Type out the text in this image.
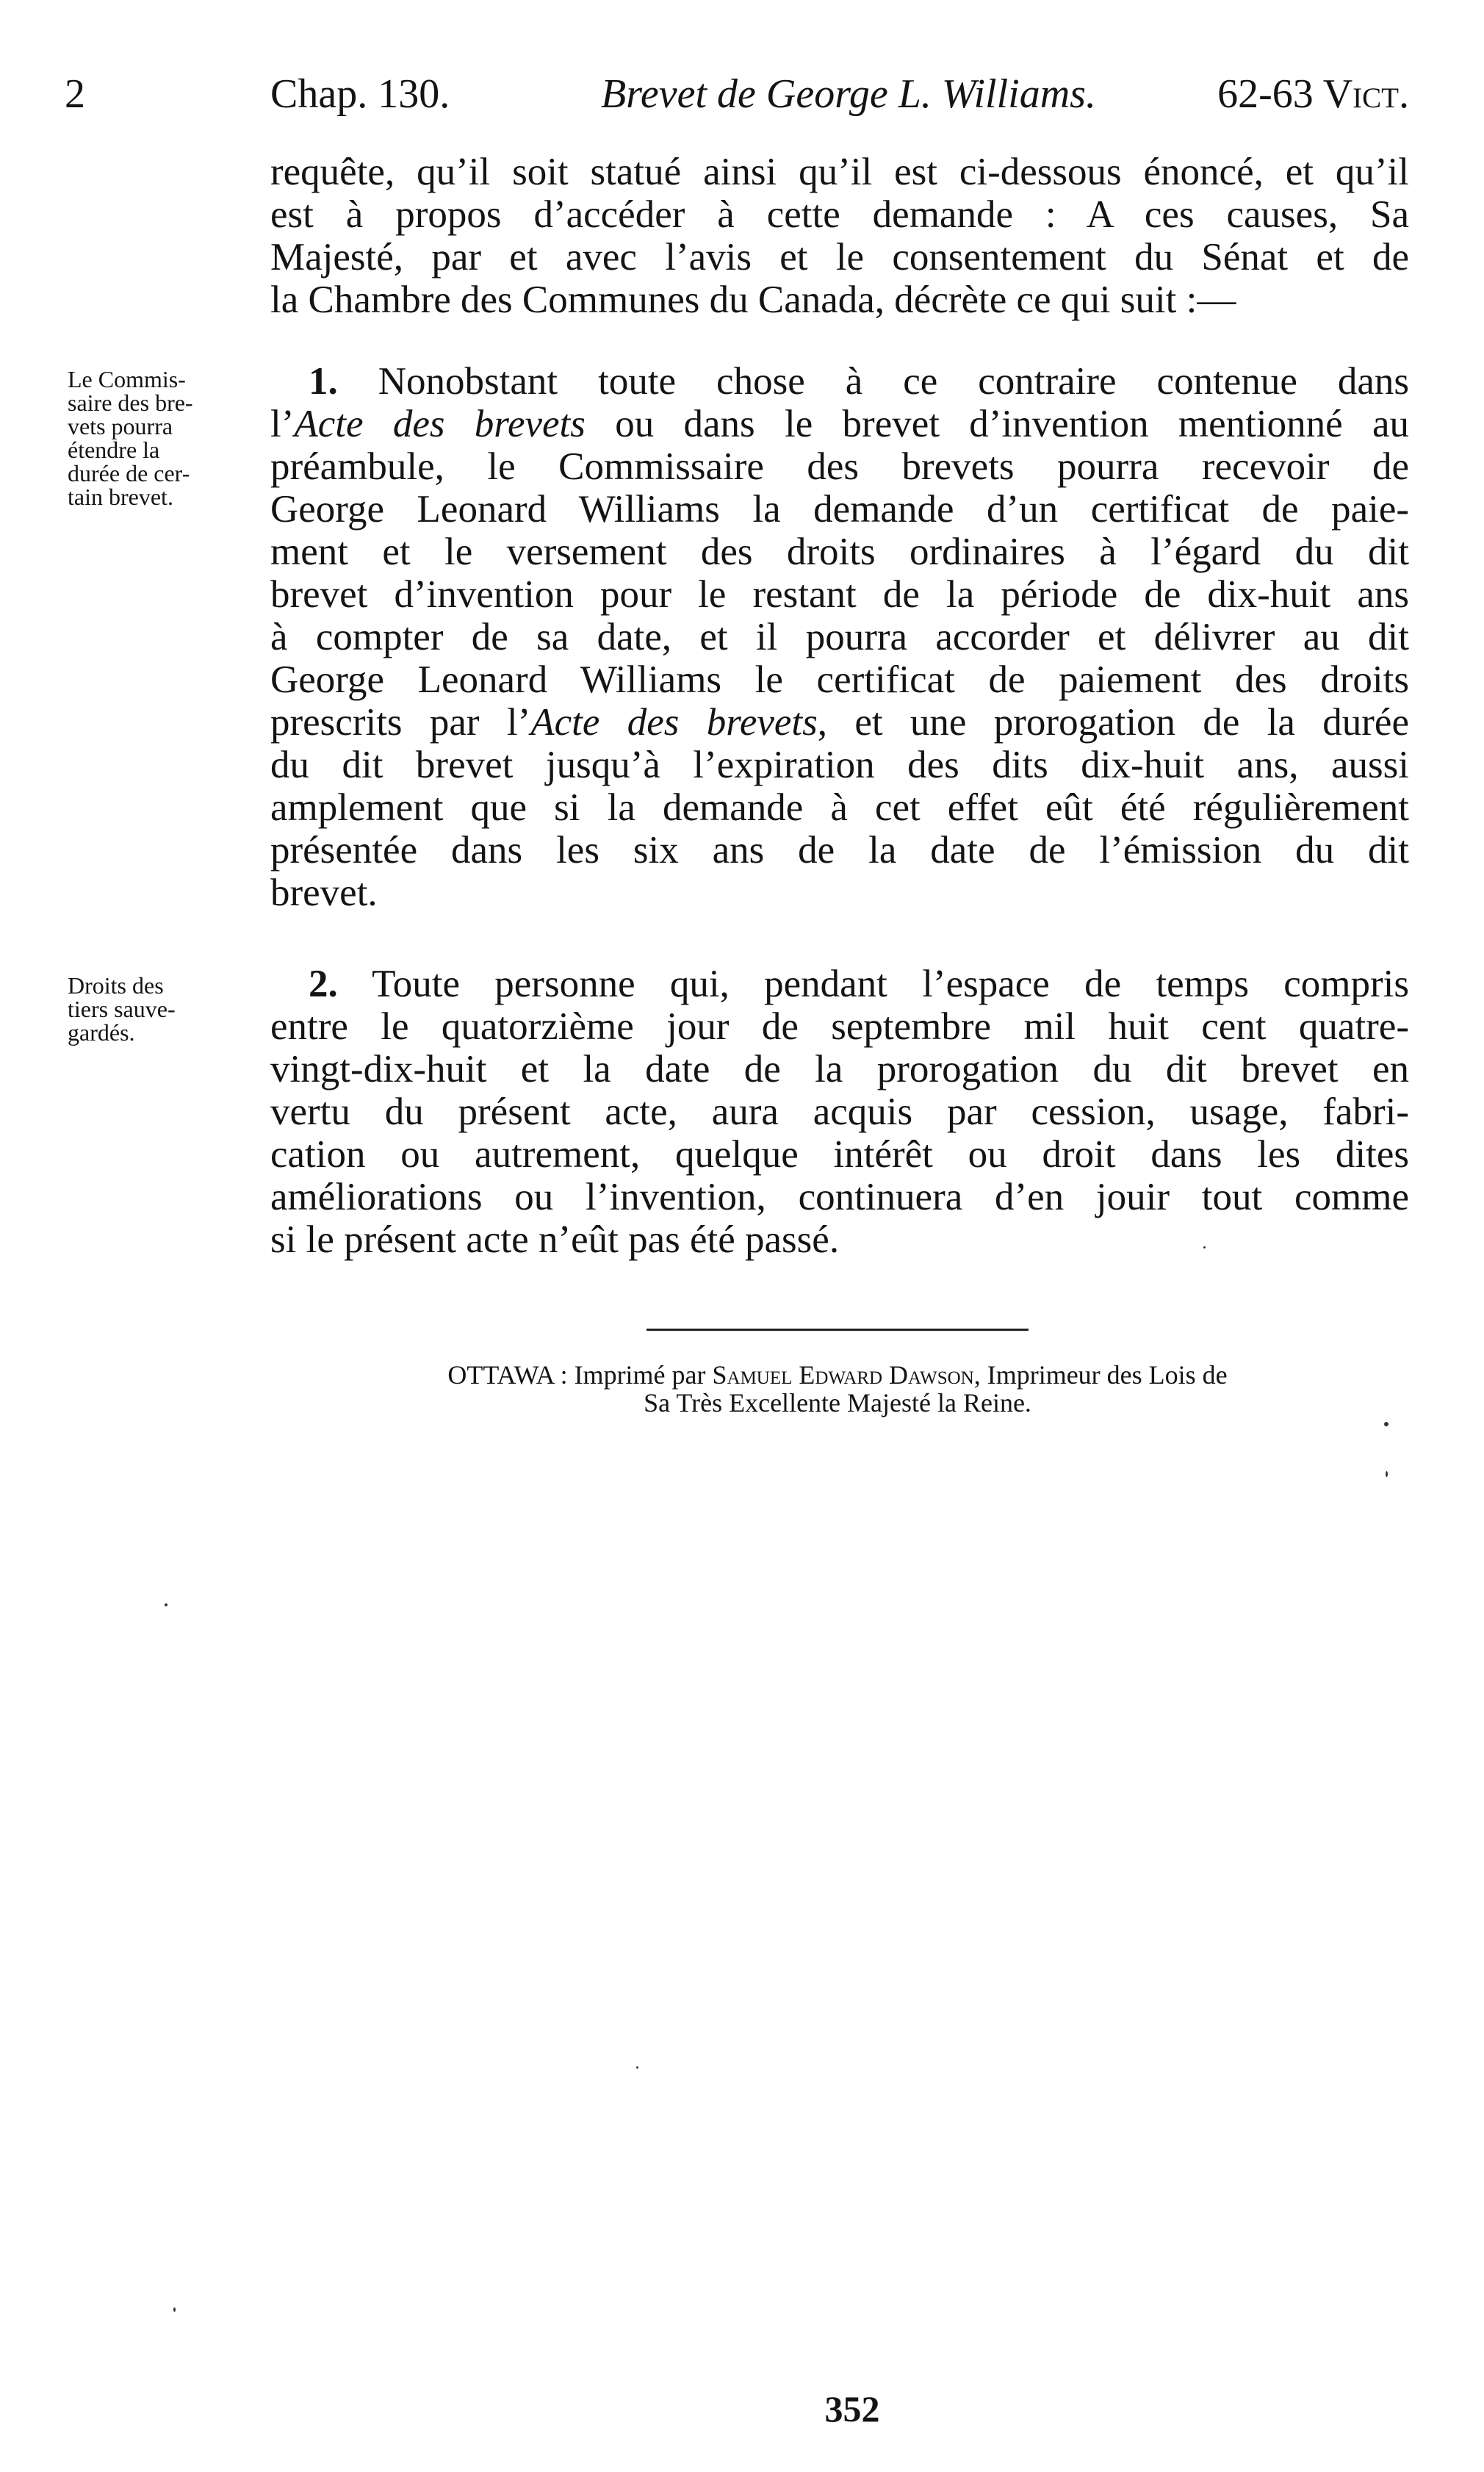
2	Chap. 130.	Brevet de George L. Williams.	62-63 Vict.
requête, qu’il soit statué ainsi qu’il est ci-dessous énoncé, et qu’il
est à propos d’accéder à cette demande : A ces causes, Sa
Majesté, par et avec l’avis et le consentement du Sénat et de
la Chambre des Communes du Canada, décrète ce qui suit :—
Le Commis-
saire des bre-
vets pourra
étendre la
durée de cer-
tain brevet.
1. Nonobstant toute chose à ce contraire contenue dans
l’Acte des brevets ou dans le brevet d’invention mentionné au
préambule, le Commissaire des brevets pourra recevoir de
George Leonard Williams la demande d’un certificat de paie-
ment et le versement des droits ordinaires à l’égard du dit
brevet d’invention pour le restant de la période de dix-huit ans
à compter de sa date, et il pourra accorder et délivrer au dit
George Leonard Williams le certificat de paiement des droits
prescrits par l’Acte des brevets, et une prorogation de la durée
du dit brevet jusqu’à l’expiration des dits dix-huit ans, aussi
amplement que si la demande à cet effet eût été régulièrement
présentée dans les six ans de la date de l’émission du dit
brevet.
Droits des
tiers sauve-
gardés.
2. Toute personne qui, pendant l’espace de temps compris
entre le quatorzième jour de septembre mil huit cent quatre-
vingt-dix-huit et la date de la prorogation du dit brevet en
vertu du présent acte, aura acquis par cession, usage, fabri-
cation ou autrement, quelque intérêt ou droit dans les dites
améliorations ou l’invention, continuera d’en jouir tout comme
si le présent acte n’eût pas été passé.
OTTAWA : Imprimé par Samuel Edward Dawson, Imprimeur des Lois de
Sa Très Excellente Majesté la Reine.
352
